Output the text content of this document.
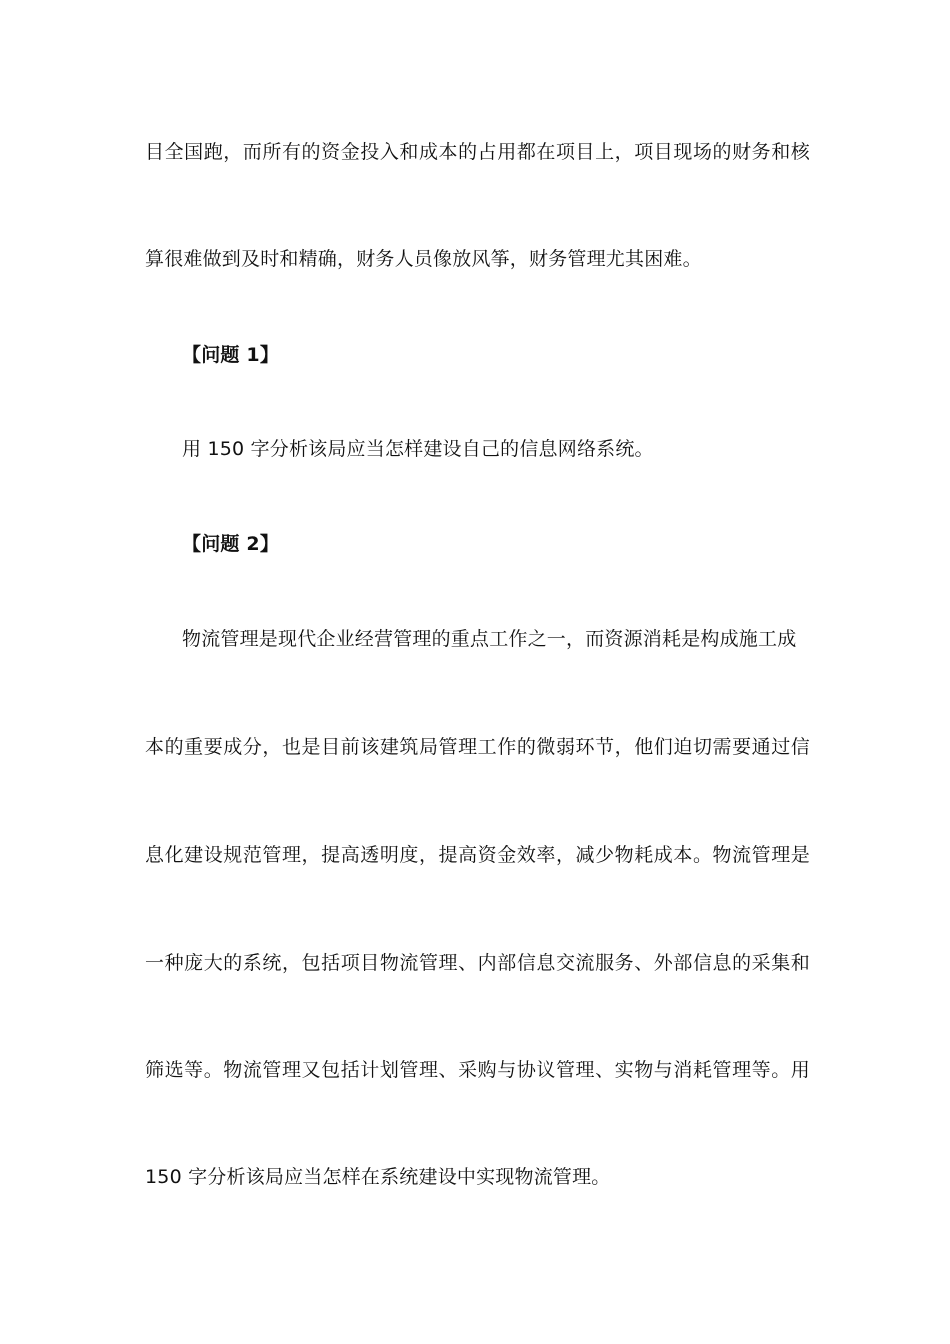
目全国跑，而所有的资金投入和成本的占用都在项目上，项目现场的财务和核
算很难做到及时和精确，财务人员像放风筝，财务管理尤其困难。
【问题 1】
用 150 字分析该局应当怎样建设自己的信息网络系统。
【问题 2】
物流管理是现代企业经营管理的重点工作之一，而资源消耗是构成施工成
本的重要成分，也是目前该建筑局管理工作的微弱环节，他们迫切需要通过信
息化建设规范管理，提高透明度，提高资金效率，减少物耗成本。物流管理是
一种庞大的系统，包括项目物流管理、内部信息交流服务、外部信息的采集和
筛选等。物流管理又包括计划管理、采购与协议管理、实物与消耗管理等。用
150 字分析该局应当怎样在系统建设中实现物流管理。
